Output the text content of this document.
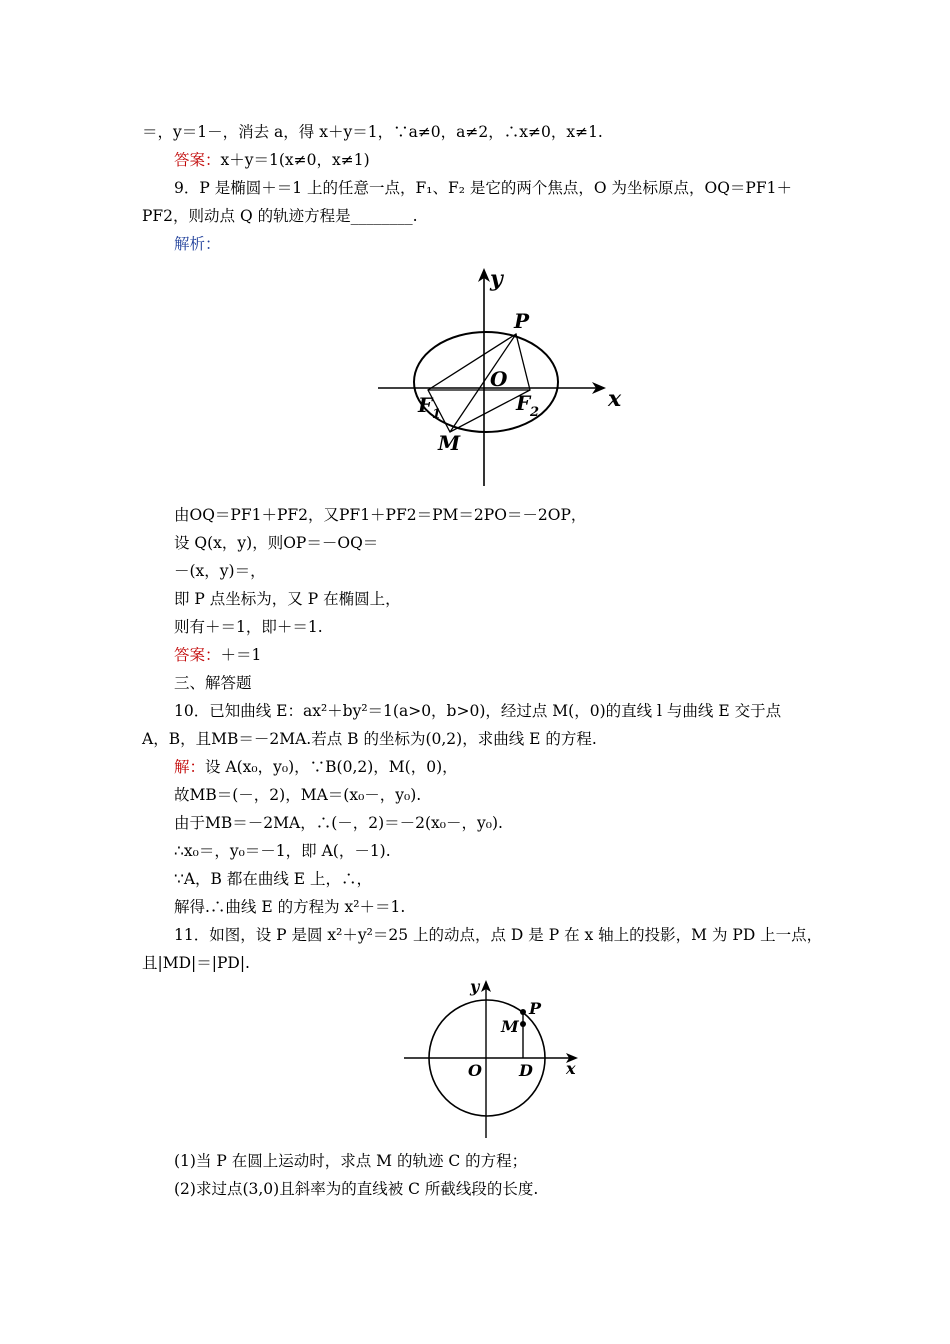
＝，y＝1－，消去 a，得 x＋y＝1，∵a≠0，a≠2，∴x≠0，x≠1.
答案：x＋y＝1(x≠0，x≠1)
9．P 是椭圆＋＝1 上的任意一点，F₁、F₂ 是它的两个焦点，O 为坐标原点，OQ＝PF1＋
PF2，则动点 Q 的轨迹方程是________.
解析：
x
y
P
O
F 1	F 2
M
由OQ＝PF1＋PF2，又PF1＋PF2＝PM＝2PO＝－2OP，
设 Q(x，y)，则OP＝－OQ＝
－(x，y)＝，
即 P 点坐标为，又 P 在椭圆上，
则有＋＝1，即＋＝1.
答案：＋＝1
三、解答题
10．已知曲线 E：ax²＋by²＝1(a>0，b>0)，经过点 M(，0)的直线 l 与曲线 E 交于点
A，B，且MB＝－2MA.若点 B 的坐标为(0,2)，求曲线 E 的方程.
解：设 A(x₀，y₀)，∵B(0,2)，M(，0)，
故MB＝(－，2)，MA＝(x₀－，y₀).
由于MB＝－2MA，∴(－，2)＝－2(x₀－，y₀).
∴x₀＝，y₀＝－1，即 A(，－1).
∵A，B 都在曲线 E 上，∴，
解得.∴曲线 E 的方程为 x²＋＝1.
11．如图，设 P 是圆 x²＋y²＝25 上的动点，点 D 是 P 在 x 轴上的投影，M 为 PD 上一点，
且|MD|＝|PD|.
y
x
P
M
O D
(1)当 P 在圆上运动时，求点 M 的轨迹 C 的方程；
(2)求过点(3,0)且斜率为的直线被 C 所截线段的长度.
